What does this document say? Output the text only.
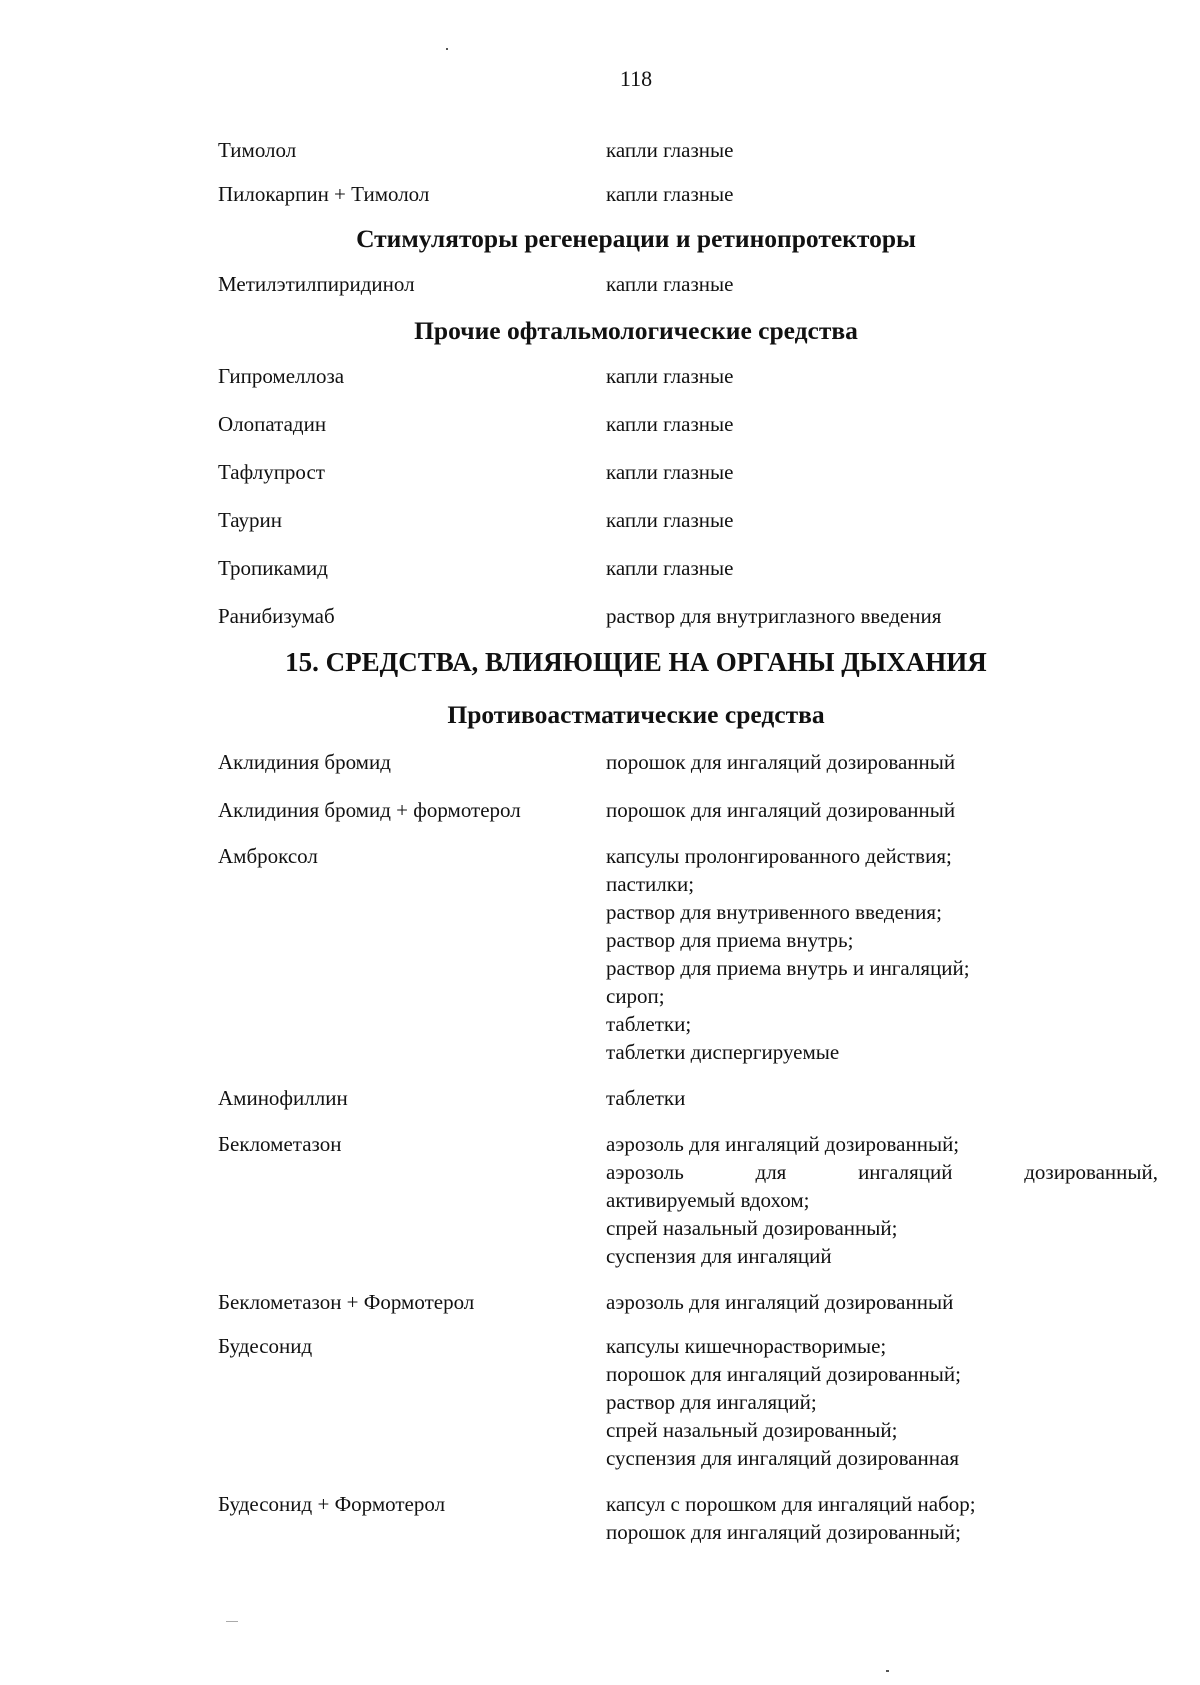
118
Тимолол	капли глазные
Пилокарпин + Тимолол	капли глазные
Стимуляторы регенерации и ретинопротекторы
Метилэтилпиридинол	капли глазные
Прочие офтальмологические средства
Гипромеллоза	капли глазные
Олопатадин	капли глазные
Тафлупрост	капли глазные
Таурин	капли глазные
Тропикамид	капли глазные
Ранибизумаб	раствор для внутриглазного введения
15. СРЕДСТВА, ВЛИЯЮЩИЕ НА ОРГАНЫ ДЫХАНИЯ
Противоастматические средства
Аклидиния бромид	порошок для ингаляций дозированный
Аклидиния бромид + формотерол	порошок для ингаляций дозированный
Амброксол	капсулы пролонгированного действия;
пастилки;
раствор для внутривенного введения;
раствор для приема внутрь;
раствор для приема внутрь и ингаляций;
сироп;
таблетки;
таблетки диспергируемые
Аминофиллин	таблетки
Беклометазон	аэрозоль для ингаляций дозированный;
аэрозоль для ингаляций дозированный,
активируемый вдохом;
спрей назальный дозированный;
суспензия для ингаляций
Беклометазон + Формотерол	аэрозоль для ингаляций дозированный
Будесонид	капсулы кишечнорастворимые;
порошок для ингаляций дозированный;
раствор для ингаляций;
спрей назальный дозированный;
суспензия для ингаляций дозированная
Будесонид + Формотерол	капсул с порошком для ингаляций набор;
порошок для ингаляций дозированный;
